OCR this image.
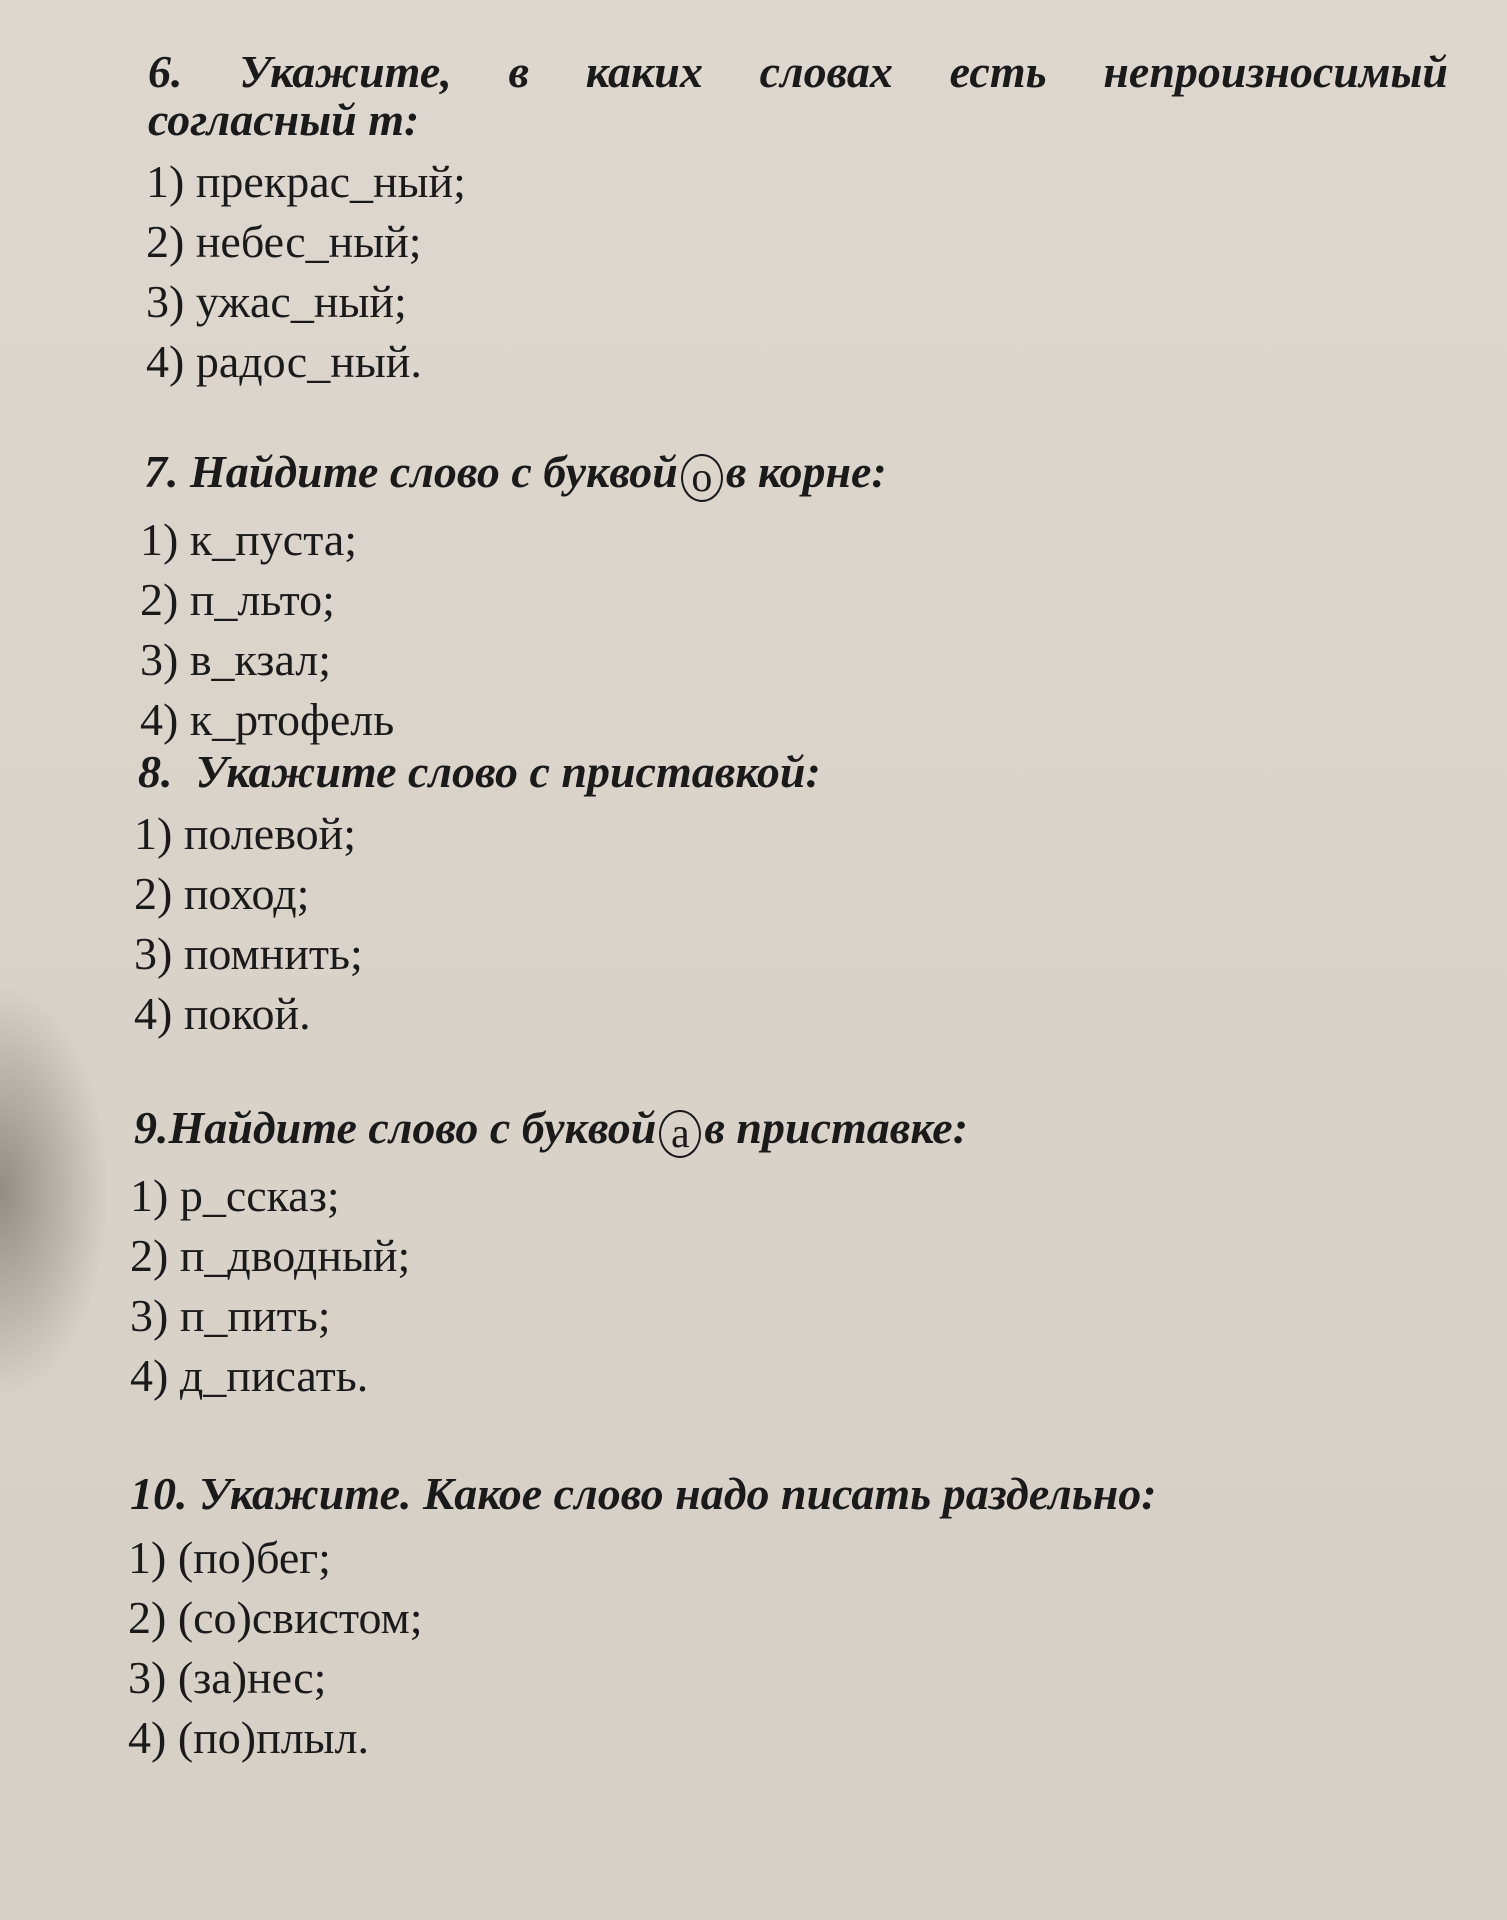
6. Укажите, в каких словах есть непроизносимый
согласный т:
1) прекрас_ный;
2) небес_ный;
3) ужас_ный;
4) радос_ный.
7. Найдите слово с буквой о в корне:
1) к_пуста;
2) п_льто;
3) в_кзал;
4) к_ртофель
8.  Укажите слово с приставкой:
1) полевой;
2) поход;
3) помнить;
4) покой.
9.Найдите слово с буквой а в приставке:
1) р_ссказ;
2) п_дводный;
3) п_пить;
4) д_писать.
10. Укажите. Какое слово надо писать раздельно:
1) (по)бег;
2) (со)свистом;
3) (за)нес;
4) (по)плыл.
